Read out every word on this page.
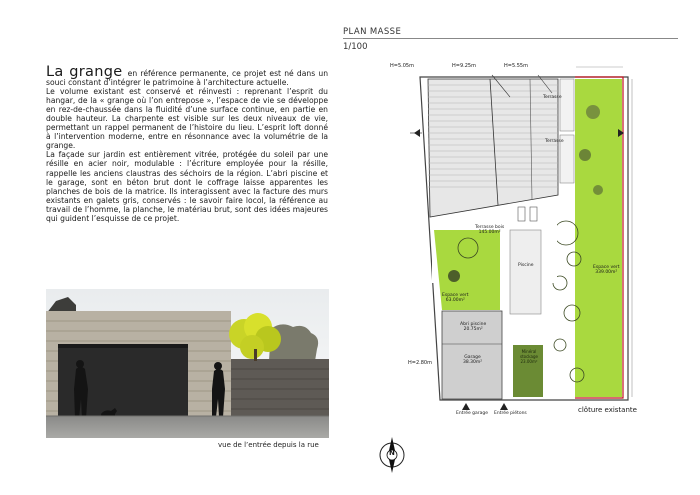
PLAN MASSE
1/100

La grange en référence permanente, ce projet est né dans un souci constant d’intégrer le patrimoine à l’architecture actuelle.

Le volume existant est conservé et réinvesti : reprenant l’esprit du hangar, de la « grange où l’on entrepose », l’espace de vie se développe en rez-de-chaussée dans la fluidité d’une surface continue, en partie en double hauteur. La charpente est visible sur les deux niveaux de vie, permettant un rappel permanent de l’histoire du lieu. L’esprit loft donné à l’intervention moderne, entre en résonnance avec la volumétrie de la grange.

La façade sur jardin est entièrement vitrée, protégée du soleil par une résille en acier noir, modulable : l’écriture employée pour la résille, rappelle les anciens claustras des séchoirs de la région. L’abri piscine et le garage, sont en béton brut dont le coffrage laisse apparentes les planches de bois de la matrice. Ils interagissent avec la facture des murs existants en galets gris, conservés : le savoir faire locol, la référence au travail de l’homme, la planche, le matériau brut, sont des idées majeures qui guident l’esquisse de ce projet.

vue de l’entrée depuis la rue
H=5.05m	H=9.25m	H=5.55m
H=2.80m
Terrasse
Terrasse
Terrasse bois
145.00m²
Piscine
Espace vert
63.00m²
Espace vert
339.00m²
Abri piscine
20.75m²
Garage
38.30m²
Minéral stockage
23.00m²
Entrée garage Entrée piétons	clôture existante
N
